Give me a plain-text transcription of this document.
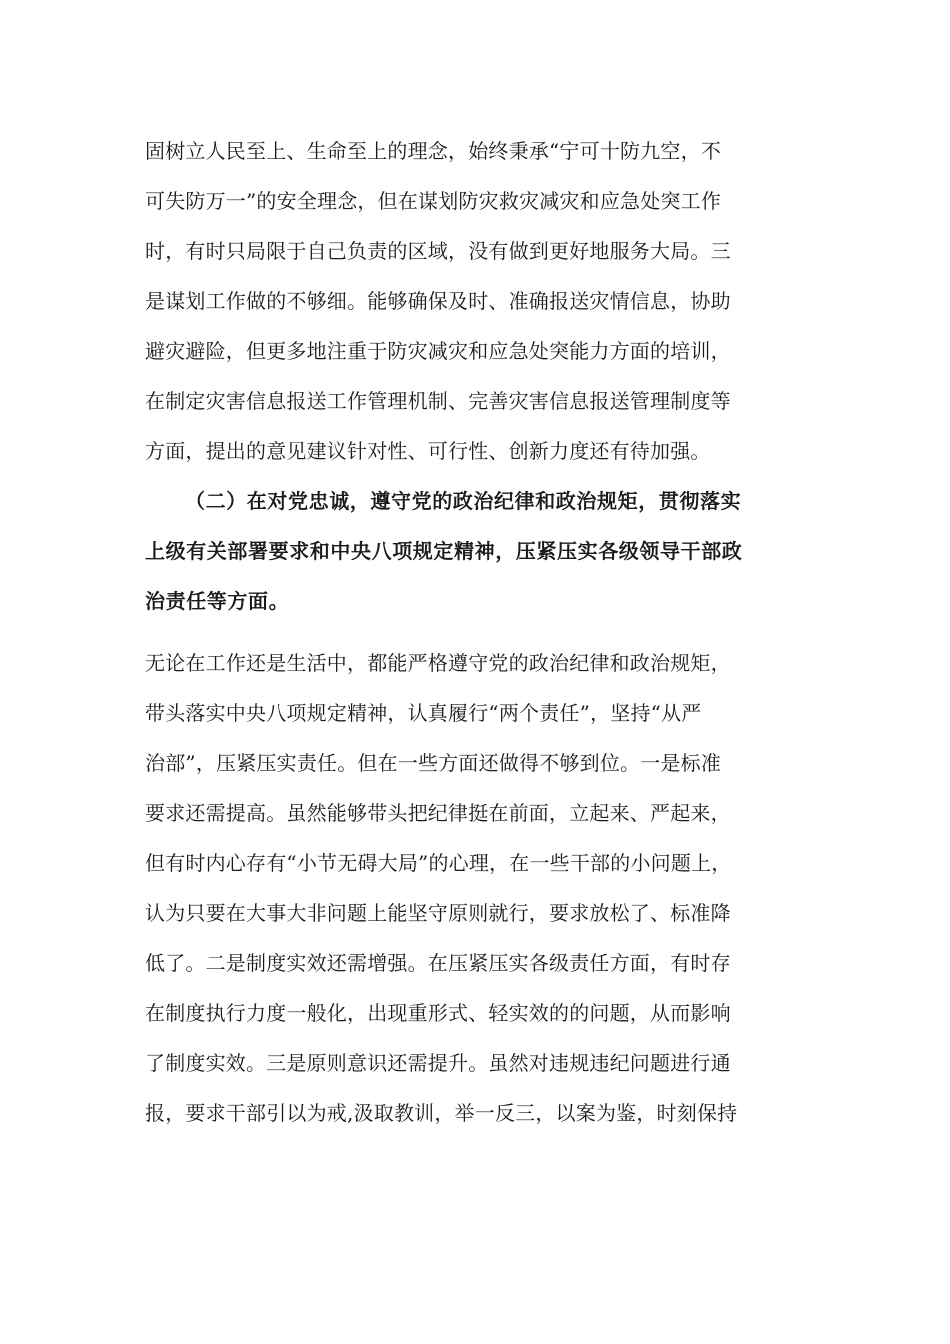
固树立人民至上、生命至上的理念，始终秉承“宁可十防九空，不
可失防万一”的安全理念，但在谋划防灾救灾减灾和应急处突工作
时，有时只局限于自己负责的区域，没有做到更好地服务大局。三
是谋划工作做的不够细。能够确保及时、准确报送灾情信息，协助
避灾避险，但更多地注重于防灾减灾和应急处突能力方面的培训，
在制定灾害信息报送工作管理机制、完善灾害信息报送管理制度等
方面，提出的意见建议针对性、可行性、创新力度还有待加强。
（二）在对党忠诚，遵守党的政治纪律和政治规矩，贯彻落实
上级有关部署要求和中央八项规定精神，压紧压实各级领导干部政
治责任等方面。
无论在工作还是生活中，都能严格遵守党的政治纪律和政治规矩，
带头落实中央八项规定精神，认真履行“两个责任”，坚持“从严
治部”，压紧压实责任。但在一些方面还做得不够到位。一是标准
要求还需提高。虽然能够带头把纪律挺在前面，立起来、严起来，
但有时内心存有“小节无碍大局”的心理，在一些干部的小问题上，
认为只要在大事大非问题上能坚守原则就行，要求放松了、标准降
低了。二是制度实效还需增强。在压紧压实各级责任方面，有时存
在制度执行力度一般化，出现重形式、轻实效的的问题，从而影响
了制度实效。三是原则意识还需提升。虽然对违规违纪问题进行通
报，要求干部引以为戒,汲取教训，举一反三，以案为鉴，时刻保持
